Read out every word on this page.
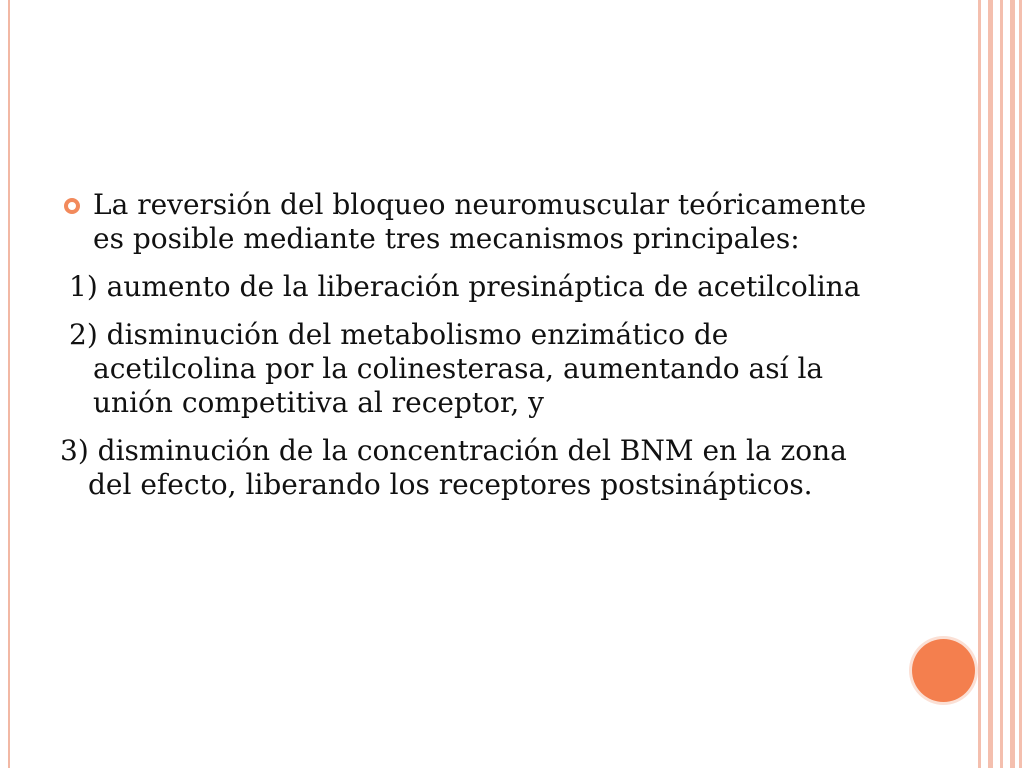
La reversión del bloqueo neuromuscular teóricamente es posible mediante tres mecanismos principales:

1) aumento de la liberación presináptica de acetilcolina

2) disminución del metabolismo enzimático de acetilcolina por la colinesterasa, aumentando así la unión competitiva al receptor, y

3) disminución de la concentración del BNM en la zona del efecto, liberando los receptores postsinápticos.
